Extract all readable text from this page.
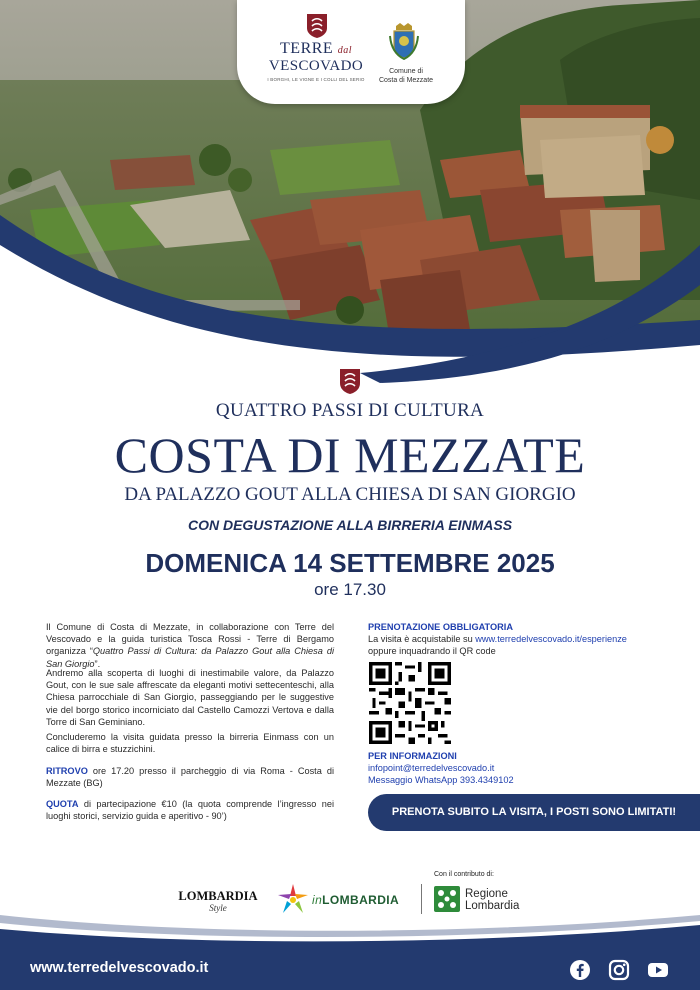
TERRE dal
VESCOVADO
I BORGHI, LE VIGNE E I COLLI DEL SERIO
Comune di
Costa di Mezzate
QUATTRO PASSI DI CULTURA
COSTA DI MEZZATE
DA PALAZZO GOUT ALLA CHIESA DI SAN GIORGIO
CON DEGUSTAZIONE ALLA BIRRERIA EINMASS
DOMENICA 14 SETTEMBRE 2025
ore 17.30

Il Comune di Costa di Mezzate, in collaborazione con Terre del Vescovado e la guida turistica Tosca Rossi - Terre di Bergamo organizza “Quattro Passi di Cultura: da Palazzo Gout alla Chiesa di San Giorgio”.

Andremo alla scoperta di luoghi di inestimabile valore, da Palazzo Gout, con le sue sale affrescate da eleganti motivi settecenteschi, alla Chiesa parrocchiale di San Giorgio, passeggiando per le suggestive vie del borgo storico incorniciato dal Castello Camozzi Vertova e dalla Torre di San Geminiano.

Concluderemo la visita guidata presso la birreria Einmass con un calice di birra e stuzzichini.

RITROVO ore 17.20 presso il parcheggio di via Roma - Costa di Mezzate (BG)

QUOTA di partecipazione €10 (la quota comprende l’ingresso nei luoghi storici, servizio guida e aperitivo - 90’)

PRENOTAZIONE OBBLIGATORIA
La visita è acquistabile su www.terredelvescovado.it/esperienze
oppure inquadrando il QR code
PER INFORMAZIONI
infopoint@terredelvescovado.it
Messaggio WhatsApp 393.4349102
PRENOTA SUBITO LA VISITA, I POSTI SONO LIMITATI!
LOMBARDIA
Style
inLOMBARDIA
Con il contributo di:
Regione
Lombardia
www.terredelvescovado.it
